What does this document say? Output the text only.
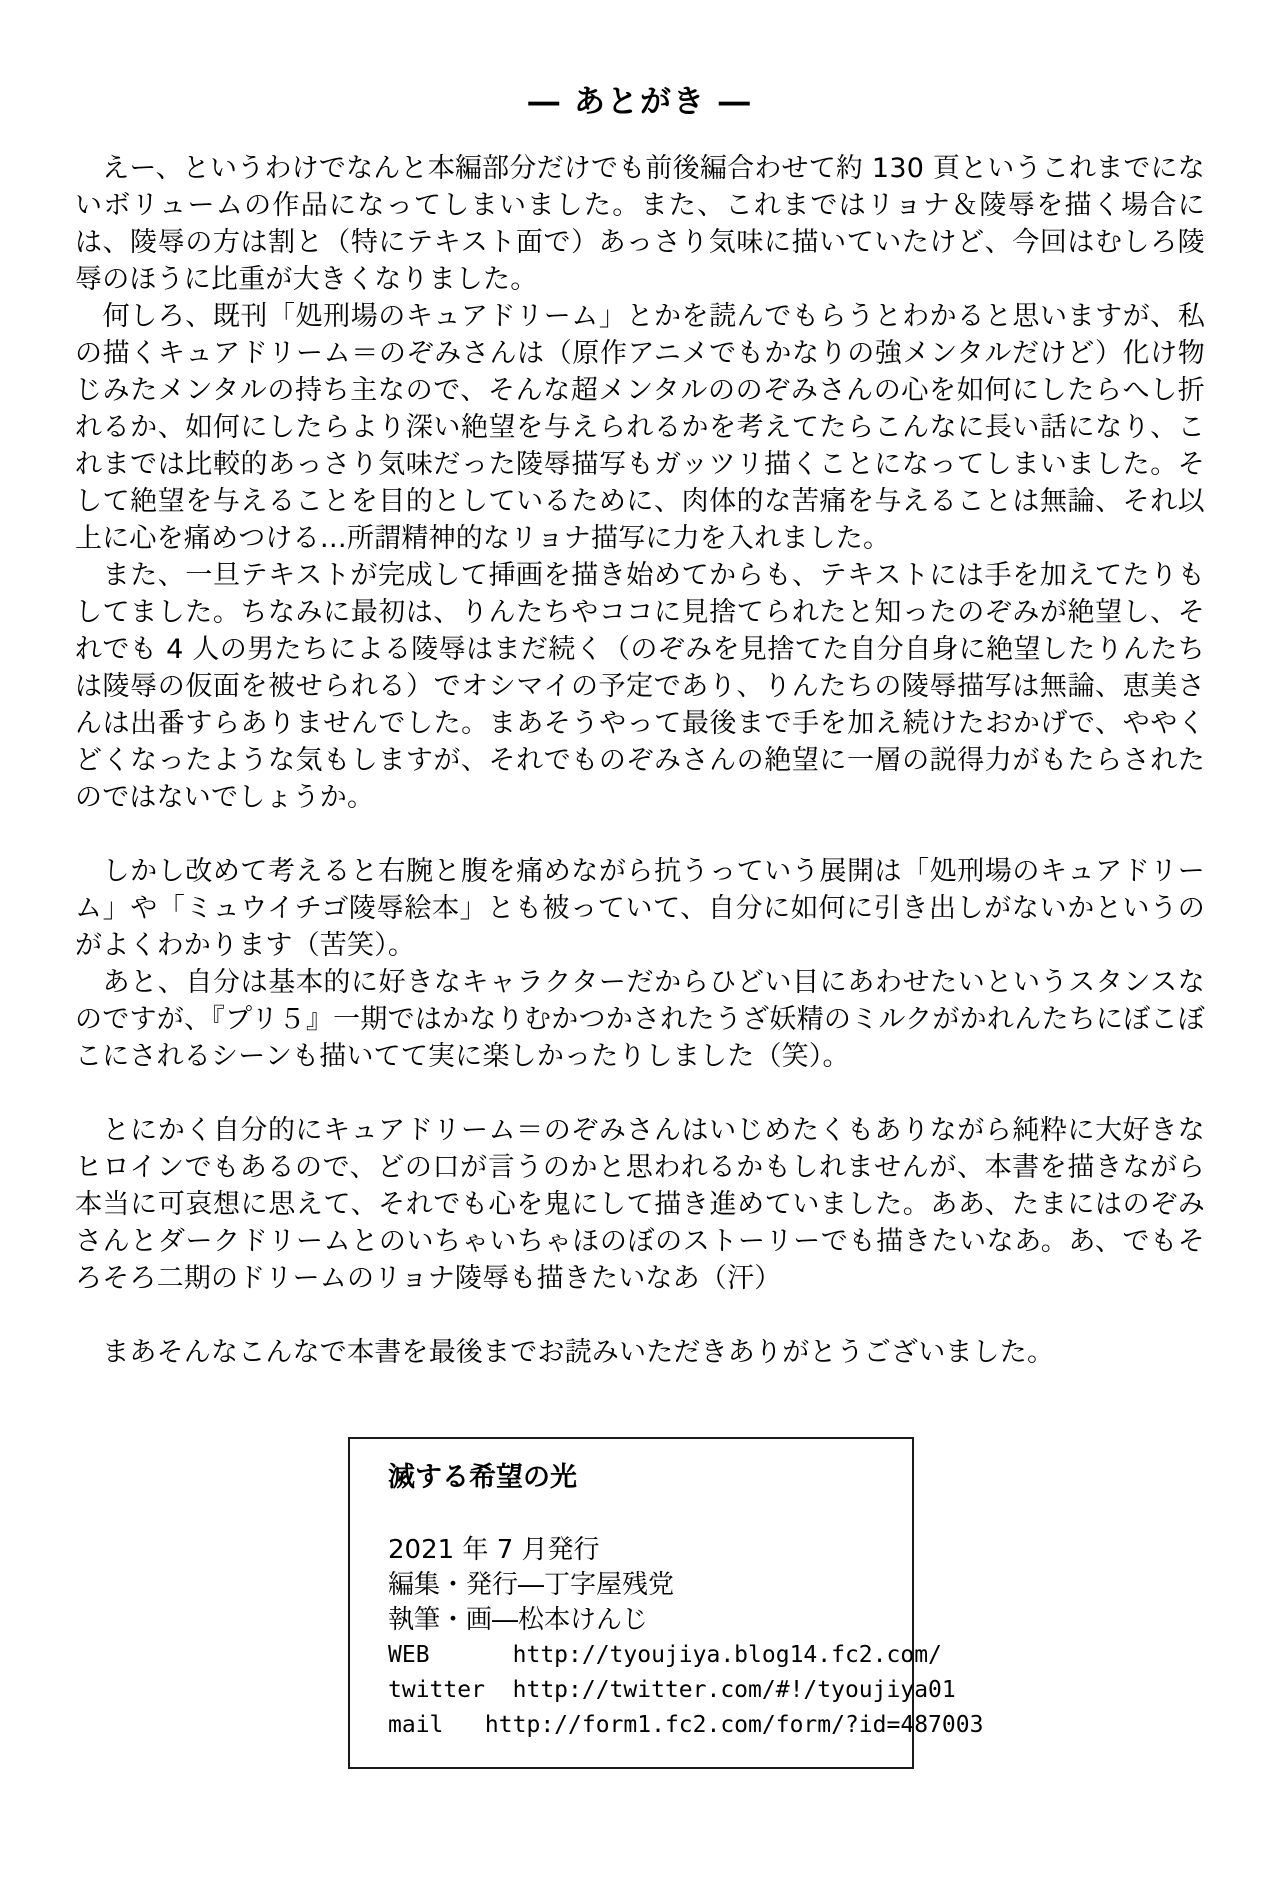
― あとがき ―

　えー、というわけでなんと本編部分だけでも前後編合わせて約 130 頁というこれまでにないボリュームの作品になってしまいました。また、これまではリョナ＆陵辱を描く場合には、陵辱の方は割と（特にテキスト面で）あっさり気味に描いていたけど、今回はむしろ陵辱のほうに比重が大きくなりました。

　何しろ、既刊「処刑場のキュアドリーム」とかを読んでもらうとわかると思いますが、私の描くキュアドリーム＝のぞみさんは（原作アニメでもかなりの強メンタルだけど）化け物じみたメンタルの持ち主なので、そんな超メンタルののぞみさんの心を如何にしたらへし折れるか、如何にしたらより深い絶望を与えられるかを考えてたらこんなに長い話になり、これまでは比較的あっさり気味だった陵辱描写もガッツリ描くことになってしまいました。そして絶望を与えることを目的としているために、肉体的な苦痛を与えることは無論、それ以上に心を痛めつける…所謂精神的なリョナ描写に力を入れました。

　また、一旦テキストが完成して挿画を描き始めてからも、テキストには手を加えてたりもしてました。ちなみに最初は、りんたちやココに見捨てられたと知ったのぞみが絶望し、それでも 4 人の男たちによる陵辱はまだ続く（のぞみを見捨てた自分自身に絶望したりんたちは陵辱の仮面を被せられる）でオシマイの予定であり、りんたちの陵辱描写は無論、恵美さんは出番すらありませんでした。まあそうやって最後まで手を加え続けたおかげで、ややくどくなったような気もしますが、それでものぞみさんの絶望に一層の説得力がもたらされたのではないでしょうか。

　しかし改めて考えると右腕と腹を痛めながら抗うっていう展開は「処刑場のキュアドリーム」や「ミュウイチゴ陵辱絵本」とも被っていて、自分に如何に引き出しがないかというのがよくわかります（苦笑）。

　あと、自分は基本的に好きなキャラクターだからひどい目にあわせたいというスタンスなのですが、『プリ５』一期ではかなりむかつかされたうざ妖精のミルクがかれんたちにぼこぼこにされるシーンも描いてて実に楽しかったりしました（笑）。

　とにかく自分的にキュアドリーム＝のぞみさんはいじめたくもありながら純粋に大好きなヒロインでもあるので、どの口が言うのかと思われるかもしれませんが、本書を描きながら本当に可哀想に思えて、それでも心を鬼にして描き進めていました。ああ、たまにはのぞみさんとダークドリームとのいちゃいちゃほのぼのストーリーでも描きたいなあ。あ、でもそろそろ二期のドリームのリョナ陵辱も描きたいなあ（汗）

　まあそんなこんなで本書を最後までお読みいただきありがとうございました。

滅する希望の光
2021 年 7 月発行
編集・発行―丁字屋残党
執筆・画―松本けんじ
WEB      http://tyoujiya.blog14.fc2.com/
twitter  http://twitter.com/#!/tyoujiya01
mail   http://form1.fc2.com/form/?id=487003
